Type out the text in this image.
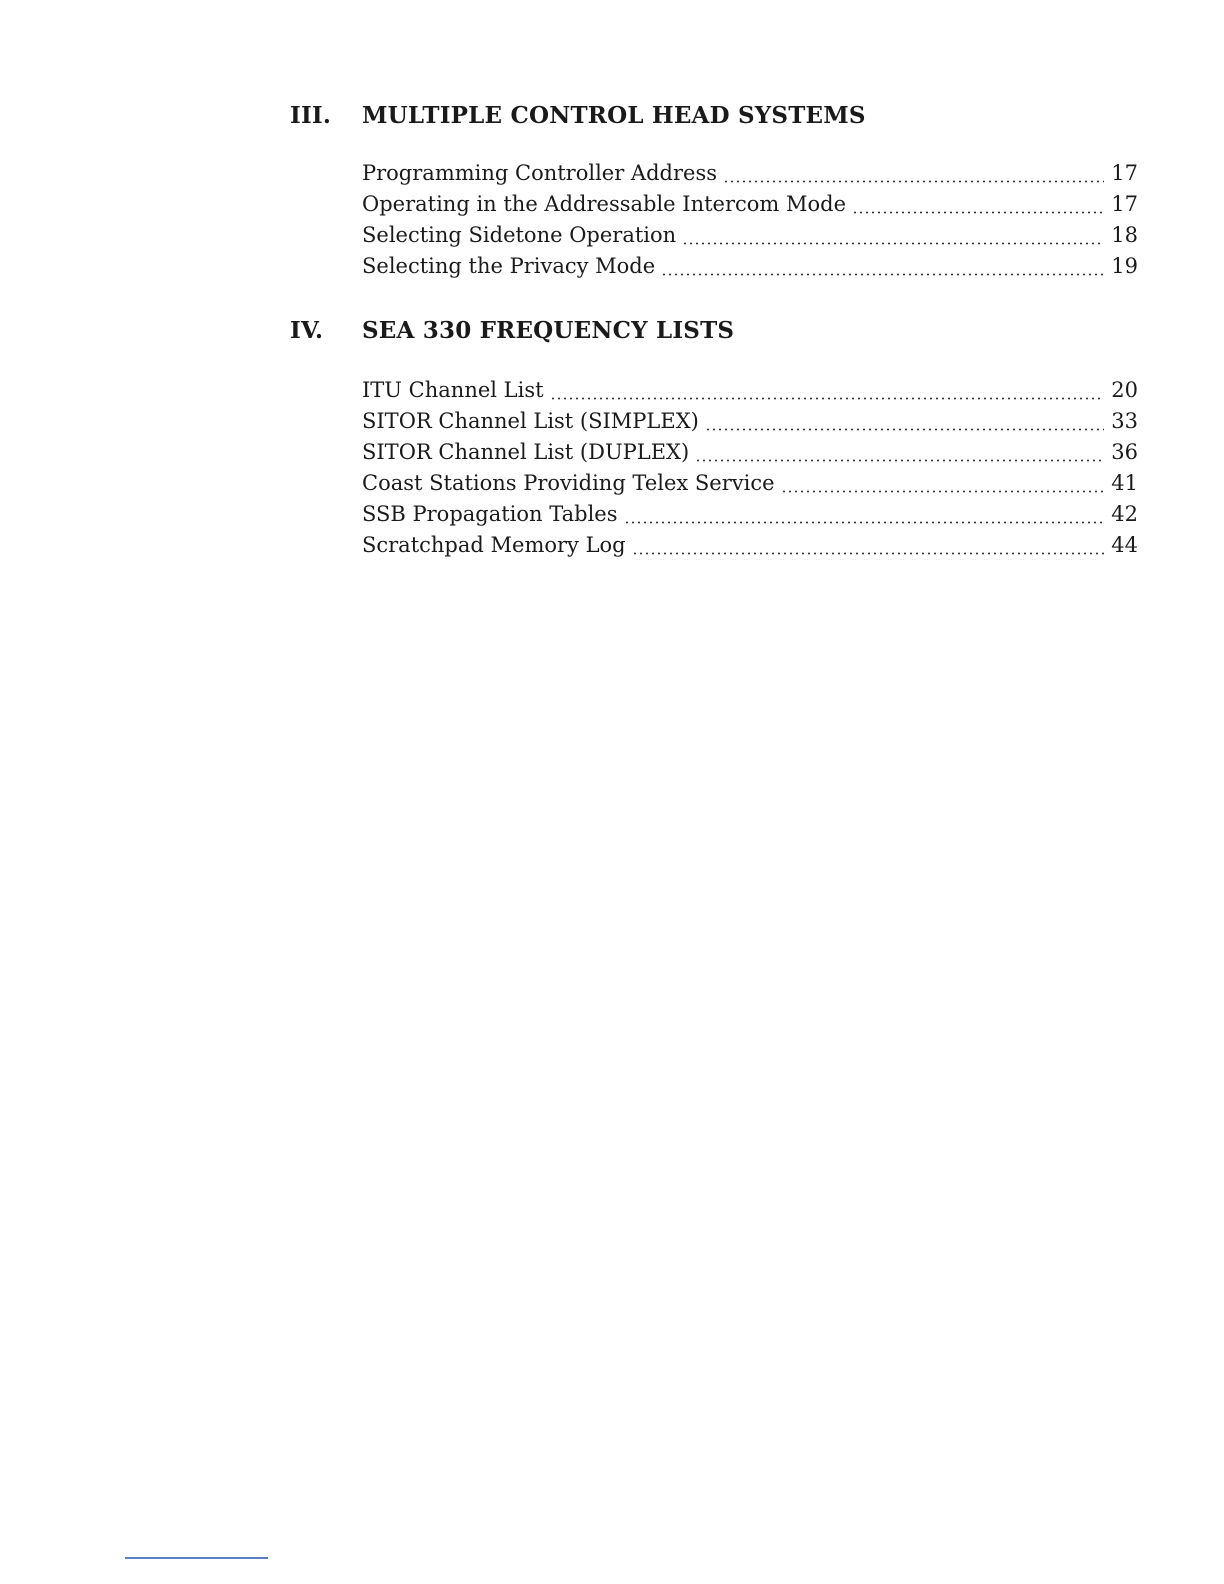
III.	MULTIPLE CONTROL HEAD SYSTEMS
Programming Controller Address	17
Operating in the Addressable Intercom Mode	17
Selecting Sidetone Operation	18
Selecting the Privacy Mode	19
IV.	SEA 330 FREQUENCY LISTS
ITU Channel List	20
SITOR Channel List (SIMPLEX)	33
SITOR Channel List (DUPLEX)	36
Coast Stations Providing Telex Service	41
SSB Propagation Tables	42
Scratchpad Memory Log	44
